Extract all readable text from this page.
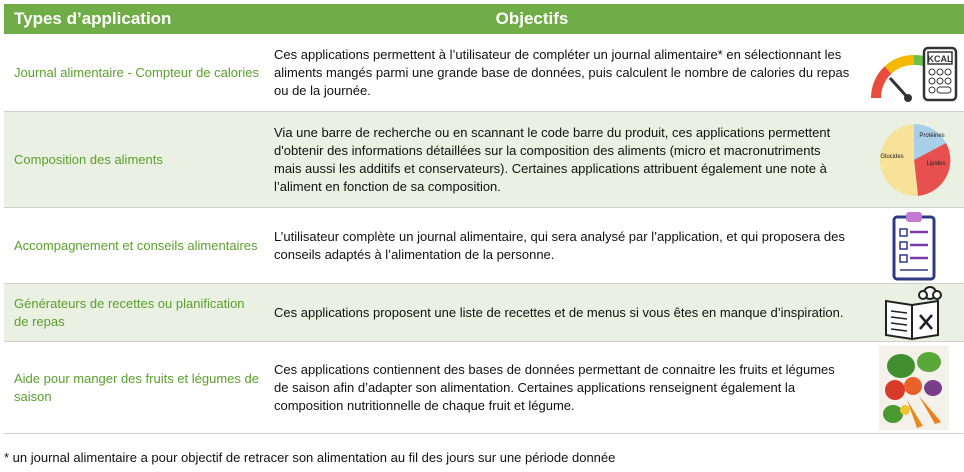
Types d’application	Objectifs
Journal alimentaire - Compteur de calories
Ces applications permettent à l’utilisateur de compléter un journal alimentaire* en sélectionnant les aliments mangés parmi une grande base de données, puis calculent le nombre de calories du repas ou de la journée.
KCAL
Composition des aliments
Via une barre de recherche ou en scannant le code barre du produit, ces applications permettent d'obtenir des informations détaillées sur la composition des aliments (micro et macronutriments mais aussi les additifs et conservateurs). Certaines applications attribuent également une note à l’aliment en fonction de sa composition.
Protéines
Lipides
Glucides
Accompagnement et conseils alimentaires
L’utilisateur complète un journal alimentaire, qui sera analysé par l’application, et qui proposera des conseils adaptés à l’alimentation de la personne.
Générateurs de recettes ou planification de repas
Ces applications proposent une liste de recettes et de menus si vous êtes en manque d’inspiration.
Aide pour manger des fruits et légumes de saison
Ces applications contiennent des bases de données permettant de connaitre les fruits et légumes de saison afin d’adapter son alimentation. Certaines applications renseignent également la composition nutritionnelle de chaque fruit et légume.
* un journal alimentaire a pour objectif de retracer son alimentation au fil des jours sur une période donnée
